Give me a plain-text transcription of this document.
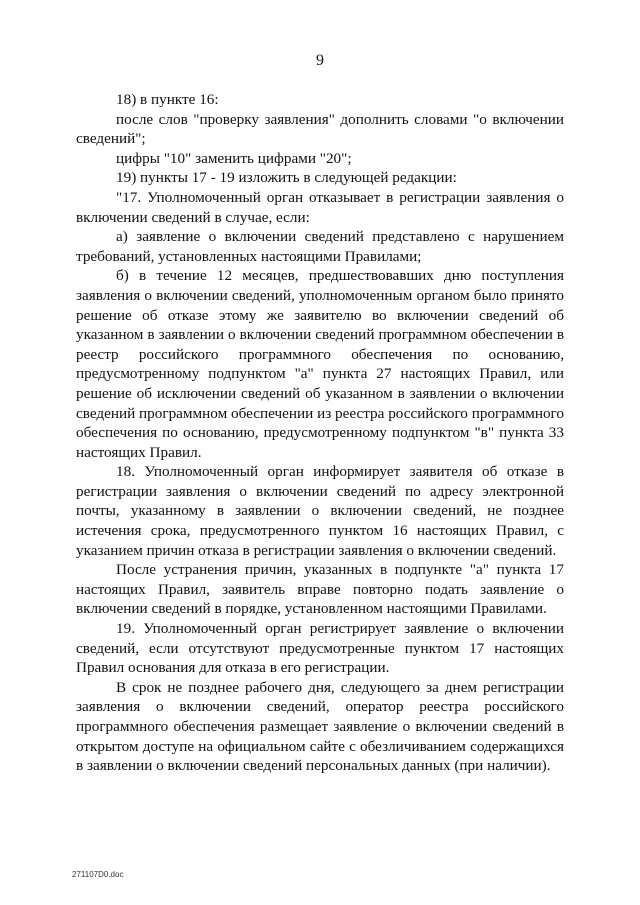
9

18) в пункте 16:

после слов "проверку заявления" дополнить словами "о включении сведений";

цифры "10" заменить цифрами "20";

19) пункты 17 - 19 изложить в следующей редакции:

"17. Уполномоченный орган отказывает в регистрации заявления о включении сведений в случае, если:

а) заявление о включении сведений представлено с нарушением требований, установленных настоящими Правилами;

б) в течение 12 месяцев, предшествовавших дню поступления заявления о включении сведений, уполномоченным органом было принято решение об отказе этому же заявителю во включении сведений об указанном в заявлении о включении сведений программном обеспечении в реестр российского программного обеспечения по основанию, предусмотренному подпунктом "а" пункта 27 настоящих Правил, или решение об исключении сведений об указанном в заявлении о включении сведений программном обеспечении из реестра российского программного обеспечения по основанию, предусмотренному подпунктом "в" пункта 33 настоящих Правил.

18. Уполномоченный орган информирует заявителя об отказе в регистрации заявления о включении сведений по адресу электронной почты, указанному в заявлении о включении сведений, не позднее истечения срока, предусмотренного пунктом 16 настоящих Правил, с указанием причин отказа в регистрации заявления о включении сведений.

После устранения причин, указанных в подпункте "а" пункта 17 настоящих Правил, заявитель вправе повторно подать заявление о включении сведений в порядке, установленном настоящими Правилами.

19. Уполномоченный орган регистрирует заявление о включении сведений, если отсутствуют предусмотренные пунктом 17 настоящих Правил основания для отказа в его регистрации.

В срок не позднее рабочего дня, следующего за днем регистрации заявления о включении сведений, оператор реестра российского программного обеспечения размещает заявление о включении сведений в открытом доступе на официальном сайте с обезличиванием содержащихся в заявлении о включении сведений персональных данных (при наличии).

271107D0.doc
